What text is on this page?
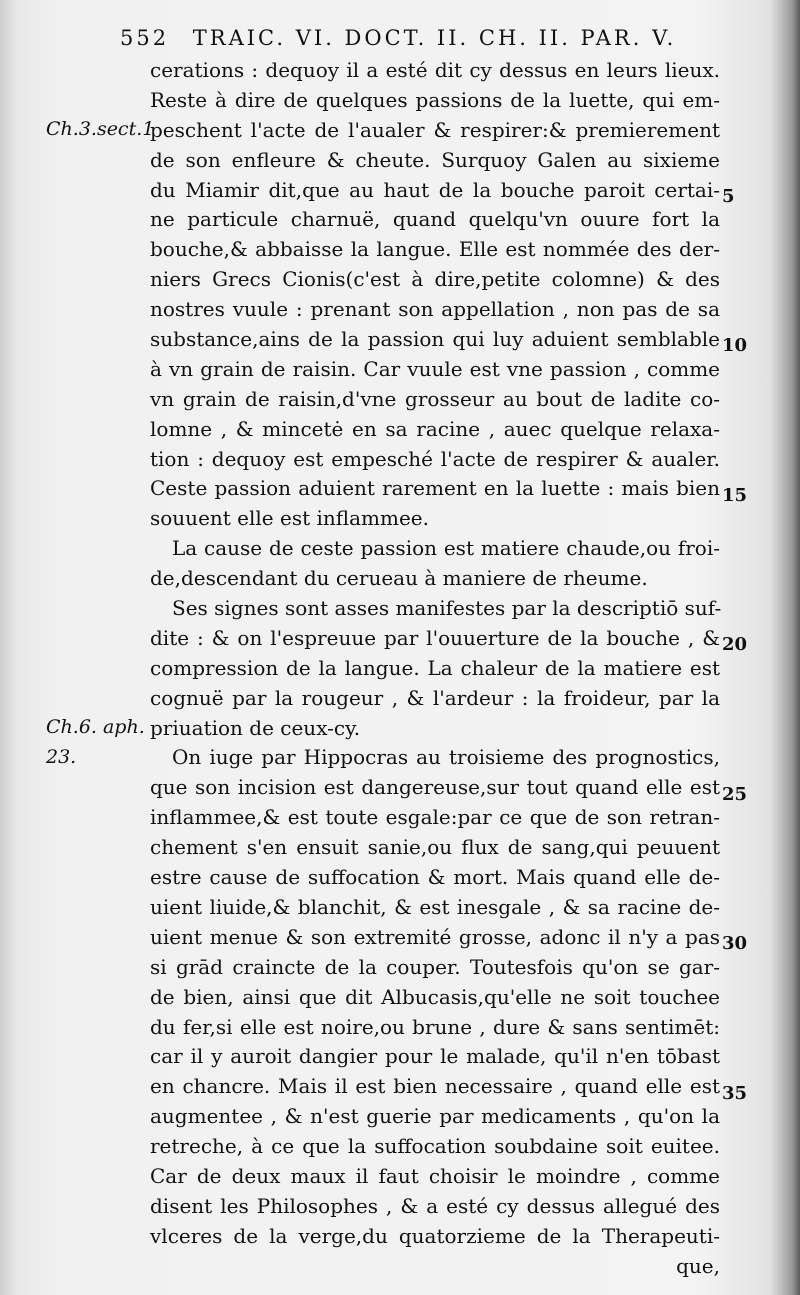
552 TRAIC. VI. DOCT. II. CH. II. PAR. V.
cerations : dequoy il a esté dit cy dessus en leurs lieux.
Reste à dire de quelques passions de la luette, qui em-
peschent l'acte de l'aualer & respirer:& premierement
de son enfleure & cheute. Surquoy Galen au sixieme
du Miamir dit,que au haut de la bouche paroit certai-
ne particule charnuë, quand quelqu'vn ouure fort la
bouche,& abbaisse la langue. Elle est nommée des der-
niers Grecs Cionis(c'est à dire,petite colomne) & des
nostres vuule : prenant son appellation , non pas de sa
substance,ains de la passion qui luy aduient semblable
à vn grain de raisin. Car vuule est vne passion , comme
vn grain de raisin,d'vne grosseur au bout de ladite co-
lomne , & mincetė en sa racine , auec quelque relaxa-
tion : dequoy est empesché l'acte de respirer & aualer.
Ceste passion aduient rarement en la luette : mais bien
souuent elle est inflammee.
La cause de ceste passion est matiere chaude,ou froi-
de,descendant du cerueau à maniere de rheume.
Ses signes sont asses manifestes par la descriptiō suf-
dite : & on l'espreuue par l'ouuerture de la bouche , &
compression de la langue. La chaleur de la matiere est
cognuë par la rougeur , & l'ardeur : la froideur, par la
priuation de ceux-cy.
On iuge par Hippocras au troisieme des prognostics,
que son incision est dangereuse,sur tout quand elle est
inflammee,& est toute esgale:par ce que de son retran-
chement s'en ensuit sanie,ou flux de sang,qui peuuent
estre cause de suffocation & mort. Mais quand elle de-
uient liuide,& blanchit, & est inesgale , & sa racine de-
uient menue & son extremité grosse, adonc il n'y a pas
si grād craincte de la couper. Toutesfois qu'on se gar-
de bien, ainsi que dit Albucasis,qu'elle ne soit touchee
du fer,si elle est noire,ou brune , dure & sans sentimēt:
car il y auroit dangier pour le malade, qu'il n'en tōbast
en chancre. Mais il est bien necessaire , quand elle est
augmentee , & n'est guerie par medicaments , qu'on la
retreche, à ce que la suffocation soubdaine soit euitee.
Car de deux maux il faut choisir le moindre , comme
disent les Philosophes , & a esté cy dessus allegué des
vlceres de la verge,du quatorzieme de la Therapeuti-
que,
Ch.3.sect.1
Ch.6. aph.
23.
5
10
15
20
25
30
35
